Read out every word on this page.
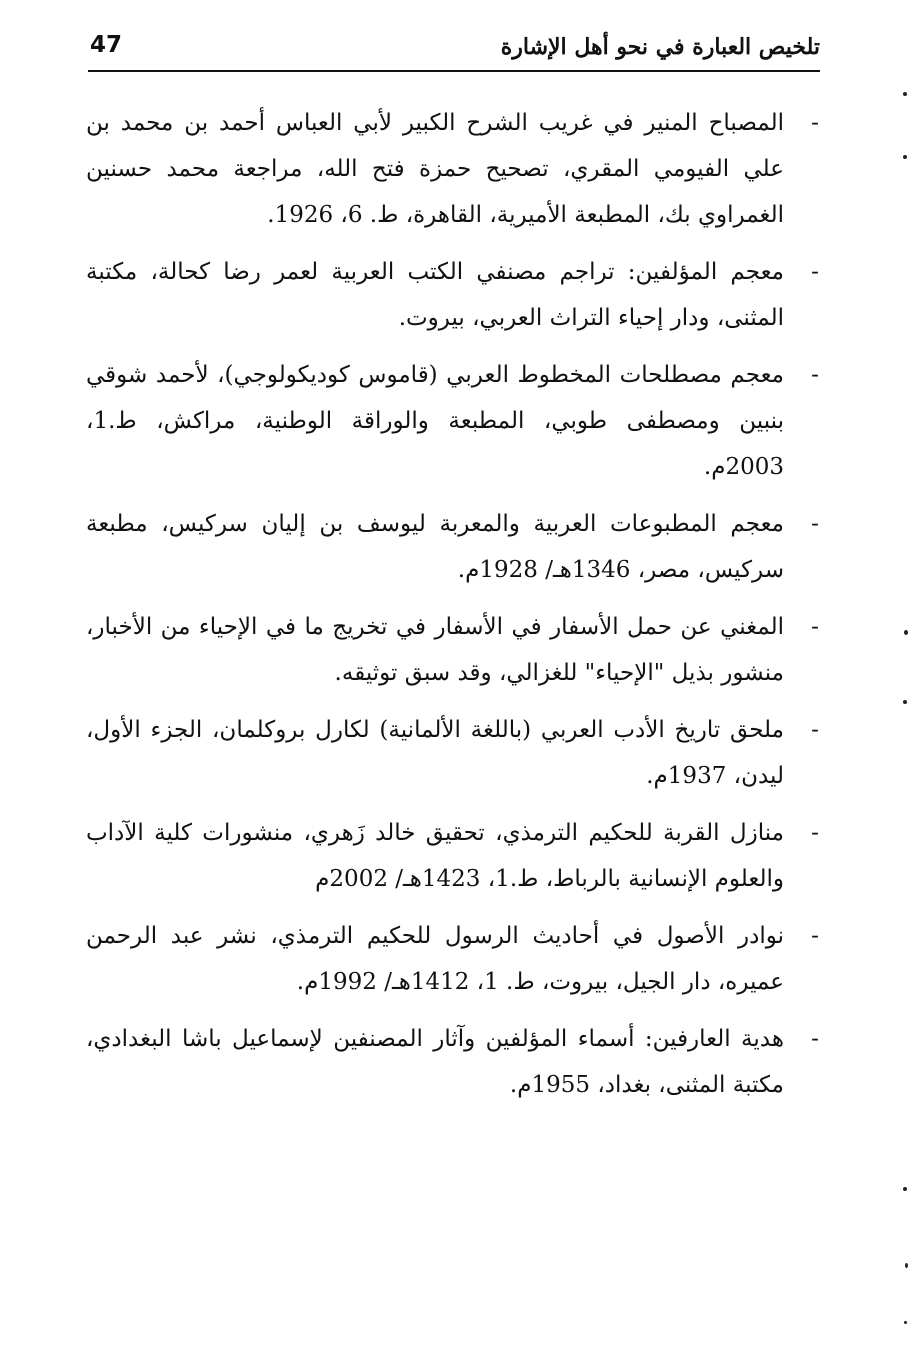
تلخيص العبارة في نحو أهل الإشارة
47
-
المصباح المنير في غريب الشرح الكبير لأبي العباس أحمد بن محمد بن علي الفيومي المقري، تصحيح حمزة فتح الله، مراجعة محمد حسنين الغمراوي بك، المطبعة الأميرية، القاهرة، ط. 6، 1926.
-
معجم المؤلفين: تراجم مصنفي الكتب العربية لعمر رضا كحالة، مكتبة المثنى، ودار إحياء التراث العربي، بيروت.
-
معجم مصطلحات المخطوط العربي (قاموس كوديكولوجي)، لأحمد شوقي بنبين ومصطفى طوبي، المطبعة والوراقة الوطنية، مراكش، ط.1، 2003م.
-
معجم المطبوعات العربية والمعربة ليوسف بن إليان سركيس، مطبعة سركيس، مصر، 1346هـ/ 1928م.
-
المغني عن حمل الأسفار في الأسفار في تخريج ما في الإحياء من الأخبار، منشور بذيل "الإحياء" للغزالي، وقد سبق توثيقه.
-
ملحق تاريخ الأدب العربي (باللغة الألمانية) لكارل بروكلمان، الجزء الأول، ليدن، 1937م.
-
منازل القربة للحكيم الترمذي، تحقيق خالد زَهري، منشورات كلية الآداب والعلوم الإنسانية بالرباط، ط.1، 1423هـ/ 2002م
-
نوادر الأصول في أحاديث الرسول للحكيم الترمذي، نشر عبد الرحمن عميره، دار الجيل، بيروت، ط. 1، 1412هـ/ 1992م.
-
هدية العارفين: أسماء المؤلفين وآثار المصنفين لإسماعيل باشا البغدادي، مكتبة المثنى، بغداد، 1955م.
